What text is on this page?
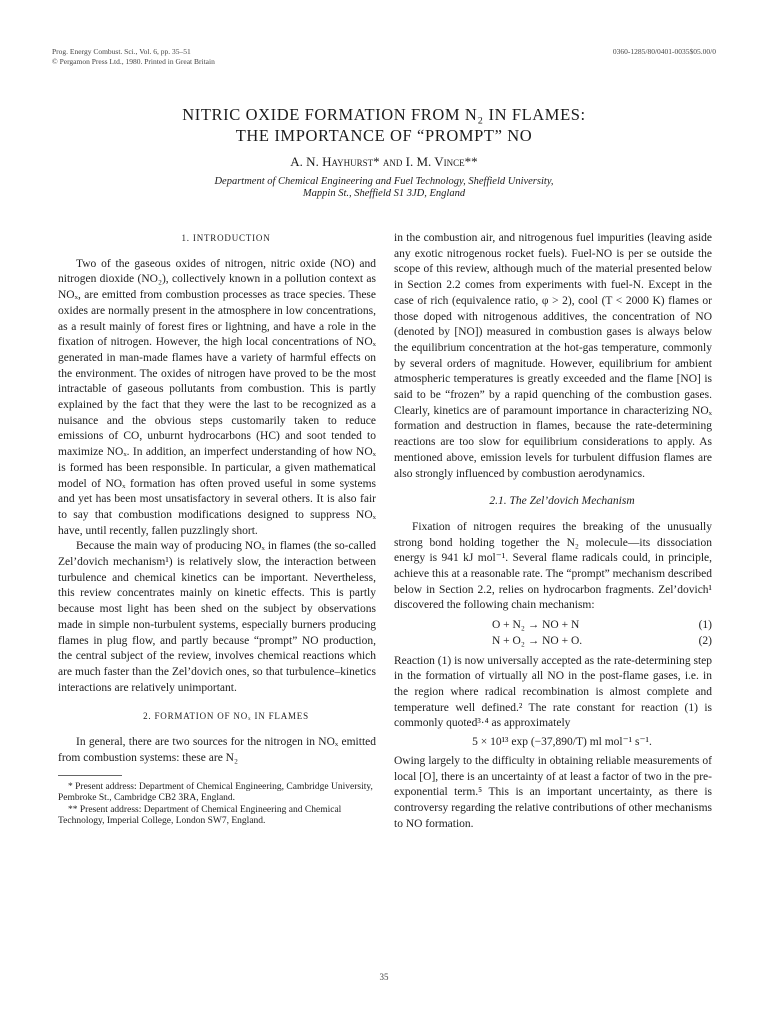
Prog. Energy Combust. Sci., Vol. 6, pp. 35–51
© Pergamon Press Ltd., 1980. Printed in Great Britain
0360-1285/80/0401-0035$05.00/0
NITRIC OXIDE FORMATION FROM N₂ IN FLAMES:
THE IMPORTANCE OF “PROMPT” NO
A. N. Hayhurst* and I. M. Vince**
Department of Chemical Engineering and Fuel Technology, Sheffield University,
Mappin St., Sheffield S1 3JD, England

1. INTRODUCTION

Two of the gaseous oxides of nitrogen, nitric oxide (NO) and nitrogen dioxide (NO₂), collectively known in a pollution context as NOₓ, are emitted from combustion processes as trace species. These oxides are normally present in the atmosphere in low concentrations, as a result mainly of forest fires or lightning, and have a role in the fixation of nitrogen. However, the high local concentrations of NOₓ generated in man-made flames have a variety of harmful effects on the environment. The oxides of nitrogen have proved to be the most intractable of gaseous pollutants from combustion. This is partly explained by the fact that they were the last to be recognized as a nuisance and the obvious steps customarily taken to reduce emissions of CO, unburnt hydrocarbons (HC) and soot tended to maximize NOₓ. In addition, an imperfect understanding of how NOₓ is formed has been responsible. In particular, a given mathematical model of NOₓ formation has often proved useful in some systems and yet has been most unsatisfactory in several others. It is also fair to say that combustion modifications designed to suppress NOₓ have, until recently, fallen puzzlingly short.

Because the main way of producing NOₓ in flames (the so-called Zel’dovich mechanism¹) is relatively slow, the interaction between turbulence and chemical kinetics can be important. Nevertheless, this review concentrates mainly on kinetic effects. This is partly because most light has been shed on the subject by observations made in simple non-turbulent systems, especially burners producing flames in plug flow, and partly because “prompt” NO production, the central subject of the review, involves chemical reactions which are much faster than the Zel’dovich ones, so that turbulence–kinetics interactions are relatively unimportant.

2. FORMATION OF NOₓ IN FLAMES

In general, there are two sources for the nitrogen in NOₓ emitted from combustion systems: these are N₂

* Present address: Department of Chemical Engineering, Cambridge University, Pembroke St., Cambridge CB2 3RA, England.

** Present address: Department of Chemical Engineering and Chemical Technology, Imperial College, London SW7, England.

in the combustion air, and nitrogenous fuel impurities (leaving aside any exotic nitrogenous rocket fuels). Fuel-NO is per se outside the scope of this review, although much of the material presented below in Section 2.2 comes from experiments with fuel-N. Except in the case of rich (equivalence ratio, φ > 2), cool (T < 2000 K) flames or those doped with nitrogenous additives, the concentration of NO (denoted by [NO]) measured in combustion gases is always below the equilibrium concentration at the hot-gas temperature, commonly by several orders of magnitude. However, equilibrium for ambient atmospheric temperatures is greatly exceeded and the flame [NO] is said to be “frozen” by a rapid quenching of the combustion gases. Clearly, kinetics are of paramount importance in characterizing NOₓ formation and destruction in flames, because the rate-determining reactions are too slow for equilibrium considerations to apply. As mentioned above, emission levels for turbulent diffusion flames are also strongly influenced by combustion aerodynamics.

2.1. The Zel’dovich Mechanism

Fixation of nitrogen requires the breaking of the unusually strong bond holding together the N₂ molecule—its dissociation energy is 941 kJ mol⁻¹. Several flame radicals could, in principle, achieve this at a reasonable rate. The “prompt” mechanism described below in Section 2.2, relies on hydrocarbon fragments. Zel’dovich¹ discovered the following chain mechanism:

O + N₂ → NO + N	(1)
N + O₂ → NO + O.	(2)

Reaction (1) is now universally accepted as the rate-determining step in the formation of virtually all NO in the post-flame gases, i.e. in the region where radical recombination is almost complete and temperature well defined.² The rate constant for reaction (1) is commonly quoted³·⁴ as approximately

5 × 10¹³ exp (−37,890/T) ml mol⁻¹ s⁻¹.

Owing largely to the difficulty in obtaining reliable measurements of local [O], there is an uncertainty of at least a factor of two in the pre-exponential term.⁵ This is an important uncertainty, as there is controversy regarding the relative contributions of other mechanisms to NO formation.

35
